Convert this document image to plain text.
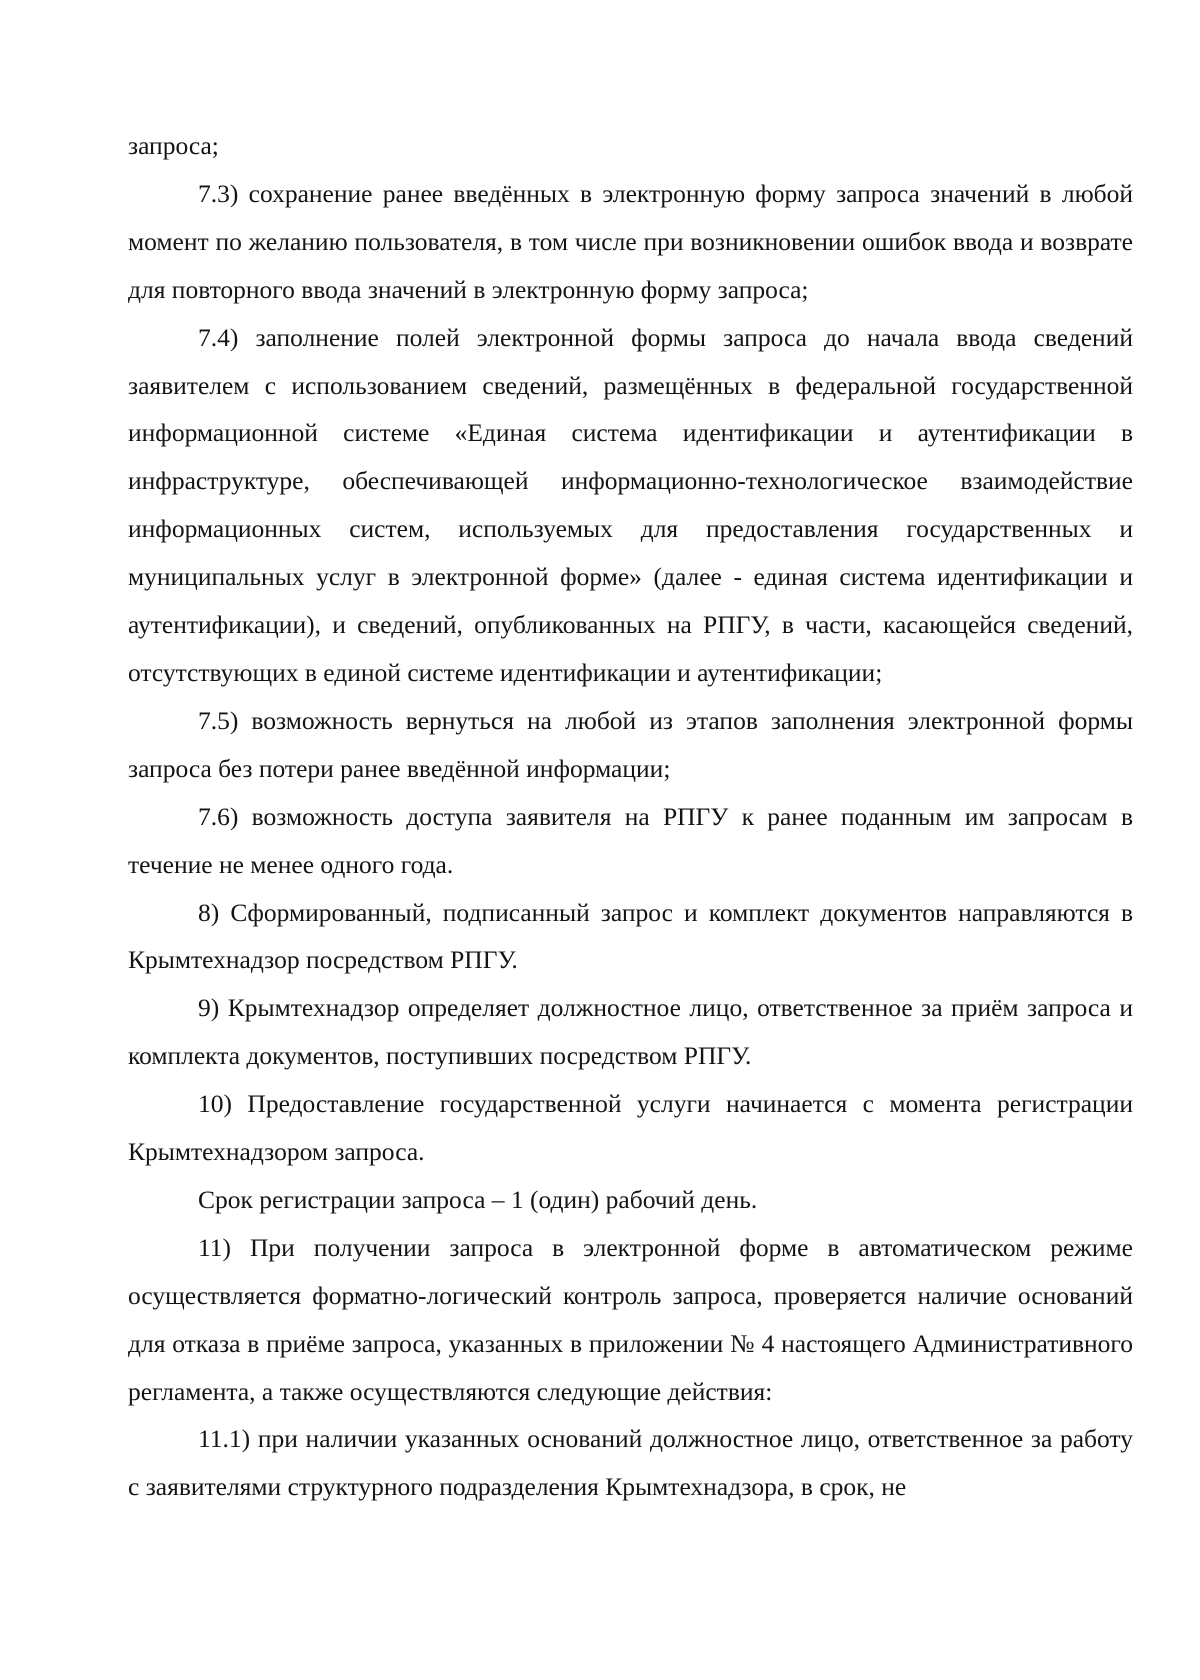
запроса;

7.3) сохранение ранее введённых в электронную форму запроса значений в любой момент по желанию пользователя, в том числе при возникновении ошибок ввода и возврате для повторного ввода значений в электронную форму запроса;

7.4) заполнение полей электронной формы запроса до начала ввода сведений заявителем с использованием сведений, размещённых в федеральной государственной информационной системе «Единая система идентификации и аутентификации в инфраструктуре, обеспечивающей информационно-технологическое взаимодействие информационных систем, используемых для предоставления государственных и муниципальных услуг в электронной форме» (далее - единая система идентификации и аутентификации), и сведений, опубликованных на РПГУ, в части, касающейся сведений, отсутствующих в единой системе идентификации и аутентификации;

7.5) возможность вернуться на любой из этапов заполнения электронной формы запроса без потери ранее введённой информации;

7.6) возможность доступа заявителя на РПГУ к ранее поданным им запросам в течение не менее одного года.

8) Сформированный, подписанный запрос и комплект документов направляются в Крымтехнадзор посредством РПГУ.

9) Крымтехнадзор определяет должностное лицо, ответственное за приём запроса и комплекта документов, поступивших посредством РПГУ.

10) Предоставление государственной услуги начинается с момента регистрации Крымтехнадзором запроса.

Срок регистрации запроса – 1 (один) рабочий день.

11) При получении запроса в электронной форме в автоматическом режиме осуществляется форматно-логический контроль запроса, проверяется наличие оснований для отказа в приёме запроса, указанных в приложении № 4 настоящего Административного регламента, а также осуществляются следующие действия:

11.1) при наличии указанных оснований должностное лицо, ответственное за работу с заявителями структурного подразделения Крымтехнадзора, в срок, не
